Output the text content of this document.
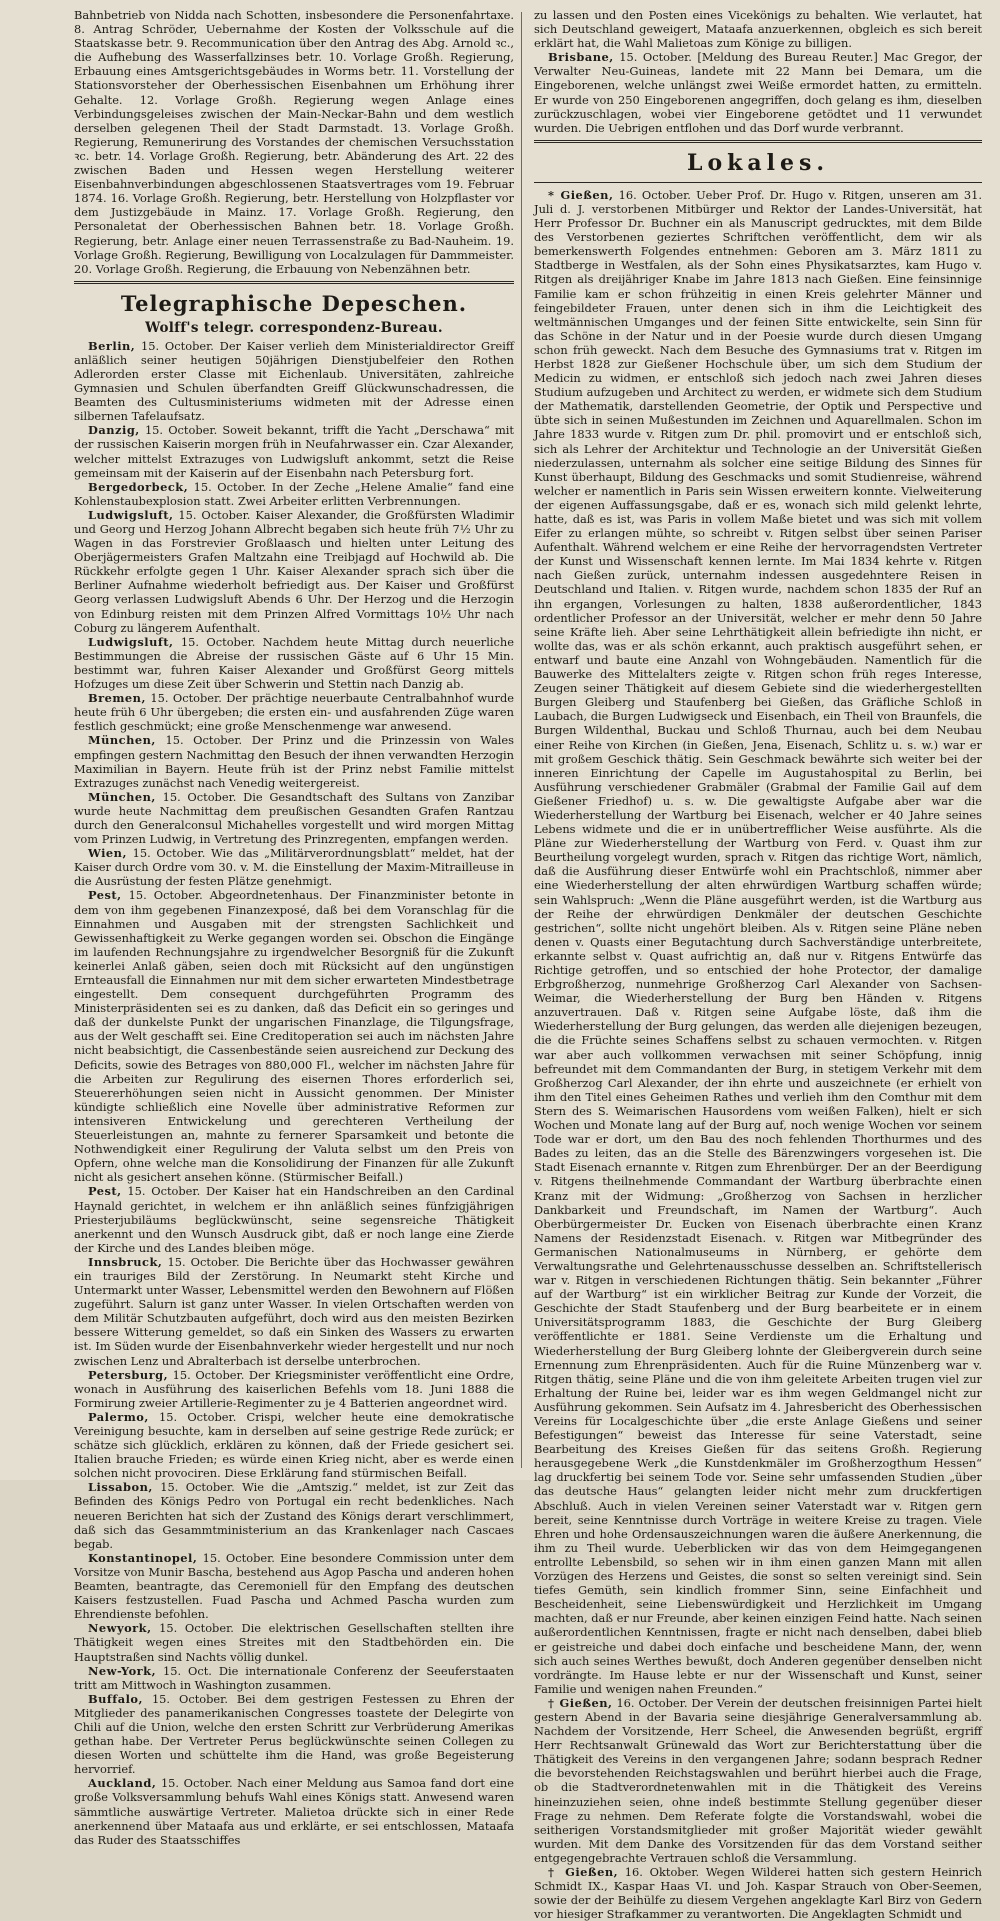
Bahnbetrieb von Nidda nach Schotten, insbesondere die Personenfahrtaxe. 8. Antrag Schröder, Uebernahme der Kosten der Volksschule auf die Staatskasse betr. 9. Recommunication über den Antrag des Abg. Arnold ꝛc., die Aufhebung des Wasserfallzinses betr. 10. Vorlage Großh. Regierung, Erbauung eines Amtsgerichtsgebäudes in Worms betr. 11. Vorstellung der Stationsvorsteher der Oberhessischen Eisenbahnen um Erhöhung ihrer Gehalte. 12. Vorlage Großh. Regierung wegen Anlage eines Verbindungsgeleises zwischen der Main-Neckar-Bahn und dem westlich derselben gelegenen Theil der Stadt Darmstadt. 13. Vorlage Großh. Regierung, Remunerirung des Vorstandes der chemischen Versuchsstation ꝛc. betr. 14. Vorlage Großh. Regierung, betr. Abänderung des Art. 22 des zwischen Baden und Hessen wegen Herstellung weiterer Eisenbahnverbindungen abgeschlossenen Staatsvertrages vom 19. Februar 1874. 16. Vorlage Großh. Regierung, betr. Herstellung von Holzpflaster vor dem Justizgebäude in Mainz. 17. Vorlage Großh. Regierung, den Personaletat der Oberhessischen Bahnen betr. 18. Vorlage Großh. Regierung, betr. Anlage einer neuen Terrassenstraße zu Bad-Nauheim. 19. Vorlage Großh. Regierung, Bewilligung von Localzulagen für Dammmeister. 20. Vorlage Großh. Regierung, die Erbauung von Nebenzähnen betr.

Telegraphische Depeschen.
Wolff's telegr. correspondenz-Bureau.

Berlin, 15. October. Der Kaiser verlieh dem Ministerialdirector Greiff anläßlich seiner heutigen 50jährigen Dienstjubelfeier den Rothen Adlerorden erster Classe mit Eichenlaub. Universitäten, zahlreiche Gymnasien und Schulen überfandten Greiff Glückwunschadressen, die Beamten des Cultusministeriums widmeten mit der Adresse einen silbernen Tafelaufsatz.

Danzig, 15. October. Soweit bekannt, trifft die Yacht „Derschawa“ mit der russischen Kaiserin morgen früh in Neufahrwasser ein. Czar Alexander, welcher mittelst Extrazuges von Ludwigsluft ankommt, setzt die Reise gemeinsam mit der Kaiserin auf der Eisenbahn nach Petersburg fort.

Bergedorbeck, 15. October. In der Zeche „Helene Amalie“ fand eine Kohlenstaubexplosion statt. Zwei Arbeiter erlitten Verbrennungen.

Ludwigsluft, 15. October. Kaiser Alexander, die Großfürsten Wladimir und Georg und Herzog Johann Albrecht begaben sich heute früh 7½ Uhr zu Wagen in das Forstrevier Großlaasch und hielten unter Leitung des Oberjägermeisters Grafen Maltzahn eine Treibjagd auf Hochwild ab. Die Rückkehr erfolgte gegen 1 Uhr. Kaiser Alexander sprach sich über die Berliner Aufnahme wiederholt befriedigt aus. Der Kaiser und Großfürst Georg verlassen Ludwigsluft Abends 6 Uhr. Der Herzog und die Herzogin von Edinburg reisten mit dem Prinzen Alfred Vormittags 10½ Uhr nach Coburg zu längerem Aufenthalt.

Ludwigsluft, 15. October. Nachdem heute Mittag durch neuerliche Bestimmungen die Abreise der russischen Gäste auf 6 Uhr 15 Min. bestimmt war, fuhren Kaiser Alexander und Großfürst Georg mittels Hofzuges um diese Zeit über Schwerin und Stettin nach Danzig ab.

Bremen, 15. October. Der prächtige neuerbaute Centralbahnhof wurde heute früh 6 Uhr übergeben; die ersten ein- und ausfahrenden Züge waren festlich geschmückt; eine große Menschenmenge war anwesend.

München, 15. October. Der Prinz und die Prinzessin von Wales empfingen gestern Nachmittag den Besuch der ihnen verwandten Herzogin Maximilian in Bayern. Heute früh ist der Prinz nebst Familie mittelst Extrazuges zunächst nach Venedig weitergereist.

München, 15. October. Die Gesandtschaft des Sultans von Zanzibar wurde heute Nachmittag dem preußischen Gesandten Grafen Rantzau durch den Generalconsul Michahelles vorgestellt und wird morgen Mittag vom Prinzen Ludwig, in Vertretung des Prinzregenten, empfangen werden.

Wien, 15. October. Wie das „Militärverordnungsblatt“ meldet, hat der Kaiser durch Ordre vom 30. v. M. die Einstellung der Maxim-Mitrailleuse in die Ausrüstung der festen Plätze genehmigt.

Pest, 15. October. Abgeordnetenhaus. Der Finanzminister betonte in dem von ihm gegebenen Finanzexposé, daß bei dem Voranschlag für die Einnahmen und Ausgaben mit der strengsten Sachlichkeit und Gewissenhaftigkeit zu Werke gegangen worden sei. Obschon die Eingänge im laufenden Rechnungsjahre zu irgendwelcher Besorgniß für die Zukunft keinerlei Anlaß gäben, seien doch mit Rücksicht auf den ungünstigen Ernteausfall die Einnahmen nur mit dem sicher erwarteten Mindestbetrage eingestellt. Dem consequent durchgeführten Programm des Ministerpräsidenten sei es zu danken, daß das Deficit ein so geringes und daß der dunkelste Punkt der ungarischen Finanzlage, die Tilgungsfrage, aus der Welt geschafft sei. Eine Creditoperation sei auch im nächsten Jahre nicht beabsichtigt, die Cassenbestände seien ausreichend zur Deckung des Deficits, sowie des Betrages von 880,000 Fl., welcher im nächsten Jahre für die Arbeiten zur Regulirung des eisernen Thores erforderlich sei, Steuererhöhungen seien nicht in Aussicht genommen. Der Minister kündigte schließlich eine Novelle über administrative Reformen zur intensiveren Entwickelung und gerechteren Vertheilung der Steuerleistungen an, mahnte zu fernerer Sparsamkeit und betonte die Nothwendigkeit einer Regulirung der Valuta selbst um den Preis von Opfern, ohne welche man die Konsolidirung der Finanzen für alle Zukunft nicht als gesichert ansehen könne. (Stürmischer Beifall.)

Pest, 15. October. Der Kaiser hat ein Handschreiben an den Cardinal Haynald gerichtet, in welchem er ihn anläßlich seines fünfzigjährigen Priesterjubiläums beglückwünscht, seine segensreiche Thätigkeit anerkennt und den Wunsch Ausdruck gibt, daß er noch lange eine Zierde der Kirche und des Landes bleiben möge.

Innsbruck, 15. October. Die Berichte über das Hochwasser gewähren ein trauriges Bild der Zerstörung. In Neumarkt steht Kirche und Untermarkt unter Wasser, Lebensmittel werden den Bewohnern auf Flößen zugeführt. Salurn ist ganz unter Wasser. In vielen Ortschaften werden von dem Militär Schutzbauten aufgeführt, doch wird aus den meisten Bezirken bessere Witterung gemeldet, so daß ein Sinken des Wassers zu erwarten ist. Im Süden wurde der Eisenbahnverkehr wieder hergestellt und nur noch zwischen Lenz und Abralterbach ist derselbe unterbrochen.

Petersburg, 15. October. Der Kriegsminister veröffentlicht eine Ordre, wonach in Ausführung des kaiserlichen Befehls vom 18. Juni 1888 die Formirung zweier Artillerie-Regimenter zu je 4 Batterien angeordnet wird.

Palermo, 15. October. Crispi, welcher heute eine demokratische Vereinigung besuchte, kam in derselben auf seine gestrige Rede zurück; er schätze sich glücklich, erklären zu können, daß der Friede gesichert sei. Italien brauche Frieden; es würde einen Krieg nicht, aber es werde einen solchen nicht provociren. Diese Erklärung fand stürmischen Beifall.

Lissabon, 15. October. Wie die „Amtszig.“ meldet, ist zur Zeit das Befinden des Königs Pedro von Portugal ein recht bedenkliches. Nach neueren Berichten hat sich der Zustand des Königs derart verschlimmert, daß sich das Gesammtministerium an das Krankenlager nach Cascaes begab.

Konstantinopel, 15. October. Eine besondere Commission unter dem Vorsitze von Munir Bascha, bestehend aus Agop Pascha und anderen hohen Beamten, beantragte, das Ceremoniell für den Empfang des deutschen Kaisers festzustellen. Fuad Pascha und Achmed Pascha wurden zum Ehrendienste befohlen.

Newyork, 15. October. Die elektrischen Gesellschaften stellten ihre Thätigkeit wegen eines Streites mit den Stadtbehörden ein. Die Hauptstraßen sind Nachts völlig dunkel.

New-York, 15. Oct. Die internationale Conferenz der Seeuferstaaten tritt am Mittwoch in Washington zusammen.

Buffalo, 15. October. Bei dem gestrigen Festessen zu Ehren der Mitglieder des panamerikanischen Congresses toastete der Delegirte von Chili auf die Union, welche den ersten Schritt zur Verbrüderung Amerikas gethan habe. Der Vertreter Perus beglückwünschte seinen Collegen zu diesen Worten und schüttelte ihm die Hand, was große Begeisterung hervorrief.

Auckland, 15. October. Nach einer Meldung aus Samoa fand dort eine große Volksversammlung behufs Wahl eines Königs statt. Anwesend waren sämmtliche auswärtige Vertreter. Malietoa drückte sich in einer Rede anerkennend über Mataafa aus und erklärte, er sei entschlossen, Mataafa das Ruder des Staatsschiffes

zu lassen und den Posten eines Vicekönigs zu behalten. Wie verlautet, hat sich Deutschland geweigert, Mataafa anzuerkennen, obgleich es sich bereit erklärt hat, die Wahl Malietoas zum Könige zu billigen.

Brisbane, 15. October. [Meldung des Bureau Reuter.] Mac Gregor, der Verwalter Neu-Guineas, landete mit 22 Mann bei Demara, um die Eingeborenen, welche unlängst zwei Weiße ermordet hatten, zu ermitteln. Er wurde von 250 Eingeborenen angegriffen, doch gelang es ihm, dieselben zurückzuschlagen, wobei vier Eingeborene getödtet und 11 verwundet wurden. Die Uebrigen entflohen und das Dorf wurde verbrannt.

Lokales.

* Gießen, 16. October. Ueber Prof. Dr. Hugo v. Ritgen, unseren am 31. Juli d. J. verstorbenen Mitbürger und Rektor der Landes-Universität, hat Herr Professor Dr. Buchner ein als Manuscript gedrucktes, mit dem Bilde des Verstorbenen geziertes Schriftchen veröffentlicht, dem wir als bemerkenswerth Folgendes entnehmen: Geboren am 3. März 1811 zu Stadtberge in Westfalen, als der Sohn eines Physikatsarztes, kam Hugo v. Ritgen als dreijähriger Knabe im Jahre 1813 nach Gießen. Eine feinsinnige Familie kam er schon frühzeitig in einen Kreis gelehrter Männer und feingebildeter Frauen, unter denen sich in ihm die Leichtigkeit des weltmännischen Umganges und der feinen Sitte entwickelte, sein Sinn für das Schöne in der Natur und in der Poesie wurde durch diesen Umgang schon früh geweckt. Nach dem Besuche des Gymnasiums trat v. Ritgen im Herbst 1828 zur Gießener Hochschule über, um sich dem Studium der Medicin zu widmen, er entschloß sich jedoch nach zwei Jahren dieses Studium aufzugeben und Architect zu werden, er widmete sich dem Studium der Mathematik, darstellenden Geometrie, der Optik und Perspective und übte sich in seinen Mußestunden im Zeichnen und Aquarellmalen. Schon im Jahre 1833 wurde v. Ritgen zum Dr. phil. promovirt und er entschloß sich, sich als Lehrer der Architektur und Technologie an der Universität Gießen niederzulassen, unternahm als solcher eine seitige Bildung des Sinnes für Kunst überhaupt, Bildung des Geschmacks und somit Studienreise, während welcher er namentlich in Paris sein Wissen erweitern konnte. Vielweiterung der eigenen Auffassungsgabe, daß er es, wonach sich mild gelenkt lehrte, hatte, daß es ist, was Paris in vollem Maße bietet und was sich mit vollem Eifer zu erlangen mühte, so schreibt v. Ritgen selbst über seinen Pariser Aufenthalt. Während welchem er eine Reihe der hervorragendsten Vertreter der Kunst und Wissenschaft kennen lernte. Im Mai 1834 kehrte v. Ritgen nach Gießen zurück, unternahm indessen ausgedehntere Reisen in Deutschland und Italien. v. Ritgen wurde, nachdem schon 1835 der Ruf an ihn ergangen, Vorlesungen zu halten, 1838 außerordentlicher, 1843 ordentlicher Professor an der Universität, welcher er mehr denn 50 Jahre seine Kräfte lieh. Aber seine Lehrthätigkeit allein befriedigte ihn nicht, er wollte das, was er als schön erkannt, auch praktisch ausgeführt sehen, er entwarf und baute eine Anzahl von Wohngebäuden. Namentlich für die Bauwerke des Mittelalters zeigte v. Ritgen schon früh reges Interesse, Zeugen seiner Thätigkeit auf diesem Gebiete sind die wiederhergestellten Burgen Gleiberg und Staufenberg bei Gießen, das Gräfliche Schloß in Laubach, die Burgen Ludwigseck und Eisenbach, ein Theil von Braunfels, die Burgen Wildenthal, Buckau und Schloß Thurnau, auch bei dem Neubau einer Reihe von Kirchen (in Gießen, Jena, Eisenach, Schlitz u. s. w.) war er mit großem Geschick thätig. Sein Geschmack bewährte sich weiter bei der inneren Einrichtung der Capelle im Augustahospital zu Berlin, bei Ausführung verschiedener Grabmäler (Grabmal der Familie Gail auf dem Gießener Friedhof) u. s. w. Die gewaltigste Aufgabe aber war die Wiederherstellung der Wartburg bei Eisenach, welcher er 40 Jahre seines Lebens widmete und die er in unübertrefflicher Weise ausführte. Als die Pläne zur Wiederherstellung der Wartburg von Ferd. v. Quast ihm zur Beurtheilung vorgelegt wurden, sprach v. Ritgen das richtige Wort, nämlich, daß die Ausführung dieser Entwürfe wohl ein Prachtschloß, nimmer aber eine Wiederherstellung der alten ehrwürdigen Wartburg schaffen würde; sein Wahlspruch: „Wenn die Pläne ausgeführt werden, ist die Wartburg aus der Reihe der ehrwürdigen Denkmäler der deutschen Geschichte gestrichen“, sollte nicht ungehört bleiben. Als v. Ritgen seine Pläne neben denen v. Quasts einer Begutachtung durch Sachverständige unterbreitete, erkannte selbst v. Quast aufrichtig an, daß nur v. Ritgens Entwürfe das Richtige getroffen, und so entschied der hohe Protector, der damalige Erbgroßherzog, nunmehrige Großherzog Carl Alexander von Sachsen-Weimar, die Wiederherstellung der Burg ben Händen v. Ritgens anzuvertrauen. Daß v. Ritgen seine Aufgabe löste, daß ihm die Wiederherstellung der Burg gelungen, das werden alle diejenigen bezeugen, die die Früchte seines Schaffens selbst zu schauen vermochten. v. Ritgen war aber auch vollkommen verwachsen mit seiner Schöpfung, innig befreundet mit dem Commandanten der Burg, in stetigem Verkehr mit dem Großherzog Carl Alexander, der ihn ehrte und auszeichnete (er erhielt von ihm den Titel eines Geheimen Rathes und verlieh ihm den Comthur mit dem Stern des S. Weimarischen Hausordens vom weißen Falken), hielt er sich Wochen und Monate lang auf der Burg auf, noch wenige Wochen vor seinem Tode war er dort, um den Bau des noch fehlenden Thorthurmes und des Bades zu leiten, das an die Stelle des Bärenzwingers vorgesehen ist. Die Stadt Eisenach ernannte v. Ritgen zum Ehrenbürger. Der an der Beerdigung v. Ritgens theilnehmende Commandant der Wartburg überbrachte einen Kranz mit der Widmung: „Großherzog von Sachsen in herzlicher Dankbarkeit und Freundschaft, im Namen der Wartburg“. Auch Oberbürgermeister Dr. Eucken von Eisenach überbrachte einen Kranz Namens der Residenzstadt Eisenach. v. Ritgen war Mitbegründer des Germanischen Nationalmuseums in Nürnberg, er gehörte dem Verwaltungsrathe und Gelehrtenausschusse desselben an. Schriftstellerisch war v. Ritgen in verschiedenen Richtungen thätig. Sein bekannter „Führer auf der Wartburg“ ist ein wirklicher Beitrag zur Kunde der Vorzeit, die Geschichte der Stadt Staufenberg und der Burg bearbeitete er in einem Universitätsprogramm 1883, die Geschichte der Burg Gleiberg veröffentlichte er 1881. Seine Verdienste um die Erhaltung und Wiederherstellung der Burg Gleiberg lohnte der Gleibergverein durch seine Ernennung zum Ehrenpräsidenten. Auch für die Ruine Münzenberg war v. Ritgen thätig, seine Pläne und die von ihm geleitete Arbeiten trugen viel zur Erhaltung der Ruine bei, leider war es ihm wegen Geldmangel nicht zur Ausführung gekommen. Sein Aufsatz im 4. Jahresbericht des Oberhessischen Vereins für Localgeschichte über „die erste Anlage Gießens und seiner Befestigungen“ beweist das Interesse für seine Vaterstadt, seine Bearbeitung des Kreises Gießen für das seitens Großh. Regierung herausgegebene Werk „die Kunstdenkmäler im Großherzogthum Hessen“ lag druckfertig bei seinem Tode vor. Seine sehr umfassenden Studien „über das deutsche Haus“ gelangten leider nicht mehr zum druckfertigen Abschluß. Auch in vielen Vereinen seiner Vaterstadt war v. Ritgen gern bereit, seine Kenntnisse durch Vorträge in weitere Kreise zu tragen. Viele Ehren und hohe Ordensauszeichnungen waren die äußere Anerkennung, die ihm zu Theil wurde. Ueberblicken wir das von dem Heimgegangenen entrollte Lebensbild, so sehen wir in ihm einen ganzen Mann mit allen Vorzügen des Herzens und Geistes, die sonst so selten vereinigt sind. Sein tiefes Gemüth, sein kindlich frommer Sinn, seine Einfachheit und Bescheidenheit, seine Liebenswürdigkeit und Herzlichkeit im Umgang machten, daß er nur Freunde, aber keinen einzigen Feind hatte. Nach seinen außerordentlichen Kenntnissen, fragte er nicht nach denselben, dabei blieb er geistreiche und dabei doch einfache und bescheidene Mann, der, wenn sich auch seines Werthes bewußt, doch Anderen gegenüber denselben nicht vordrängte. Im Hause lebte er nur der Wissenschaft und Kunst, seiner Familie und wenigen nahen Freunden.“

† Gießen, 16. October. Der Verein der deutschen freisinnigen Partei hielt gestern Abend in der Bavaria seine diesjährige Generalversammlung ab. Nachdem der Vorsitzende, Herr Scheel, die Anwesenden begrüßt, ergriff Herr Rechtsanwalt Grünewald das Wort zur Berichterstattung über die Thätigkeit des Vereins in den vergangenen Jahre; sodann besprach Redner die bevorstehenden Reichstagswahlen und berührt hierbei auch die Frage, ob die Stadtverordnetenwahlen mit in die Thätigkeit des Vereins hineinzuziehen seien, ohne indeß bestimmte Stellung gegenüber dieser Frage zu nehmen. Dem Referate folgte die Vorstandswahl, wobei die seitherigen Vorstandsmitglieder mit großer Majorität wieder gewählt wurden. Mit dem Danke des Vorsitzenden für das dem Vorstand seither entgegengebrachte Vertrauen schloß die Versammlung.

† Gießen, 16. Oktober. Wegen Wilderei hatten sich gestern Heinrich Schmidt IX., Kaspar Haas VI. und Joh. Kaspar Strauch von Ober-Seemen, sowie der der Beihülfe zu diesem Vergehen angeklagte Karl Birz von Gedern vor hiesiger Strafkammer zu verantworten. Die Angeklagten Schmidt und
